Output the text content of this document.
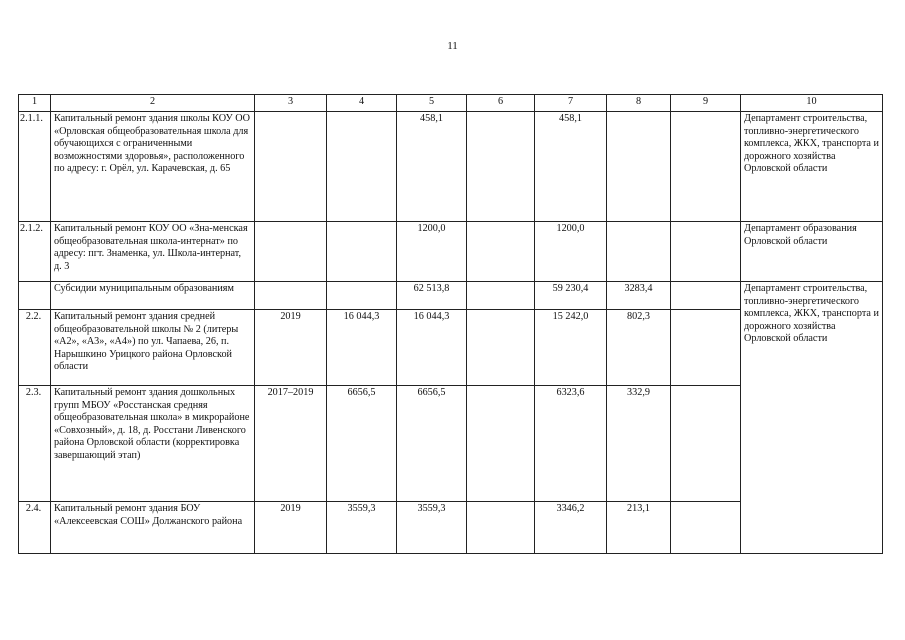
11
1	2	3	4	5	6	7	8	9	10
2.1.1.	Капитальный ремонт здания школы КОУ ОО «Орловская общеобразовательная школа для обучающихся с ограниченными возможностями здоровья», расположенного по адресу: г. Орёл, ул. Карачевская, д. 65			458,1		458,1			Департамент строительства, топливно-энергетического комплекса, ЖКХ, транспорта и дорожного хозяйства Орловской области
2.1.2.	Капитальный ремонт КОУ ОО «Зна-менская общеобразовательная школа-интернат» по адресу: пгт. Знаменка, ул. Школа-интернат, д. 3			1200,0		1200,0			Департамент образования Орловской области
	Субсидии муниципальным образованиям			62 513,8		59 230,4	3283,4		Департамент строительства, топливно-энергетического комплекса, ЖКХ, транспорта и дорожного хозяйства Орловской области
2.2.	Капитальный ремонт здания средней общеобразовательной школы № 2 (литеры «А2», «А3», «А4») по ул. Чапаева, 26, п. Нарышкино Урицкого района Орловской области	2019	16 044,3	16 044,3		15 242,0	802,3		
2.3.	Капитальный ремонт здания дошкольных групп МБОУ «Росстанская средняя общеобразовательная школа» в микрорайоне «Совхозный», д. 18, д. Росстани Ливенского района Орловской области (корректировка завершающий этап)	2017–2019	6656,5	6656,5		6323,6	332,9		
2.4.	Капитальный ремонт здания БОУ «Алексеевская СОШ» Должанского района	2019	3559,3	3559,3		3346,2	213,1		
